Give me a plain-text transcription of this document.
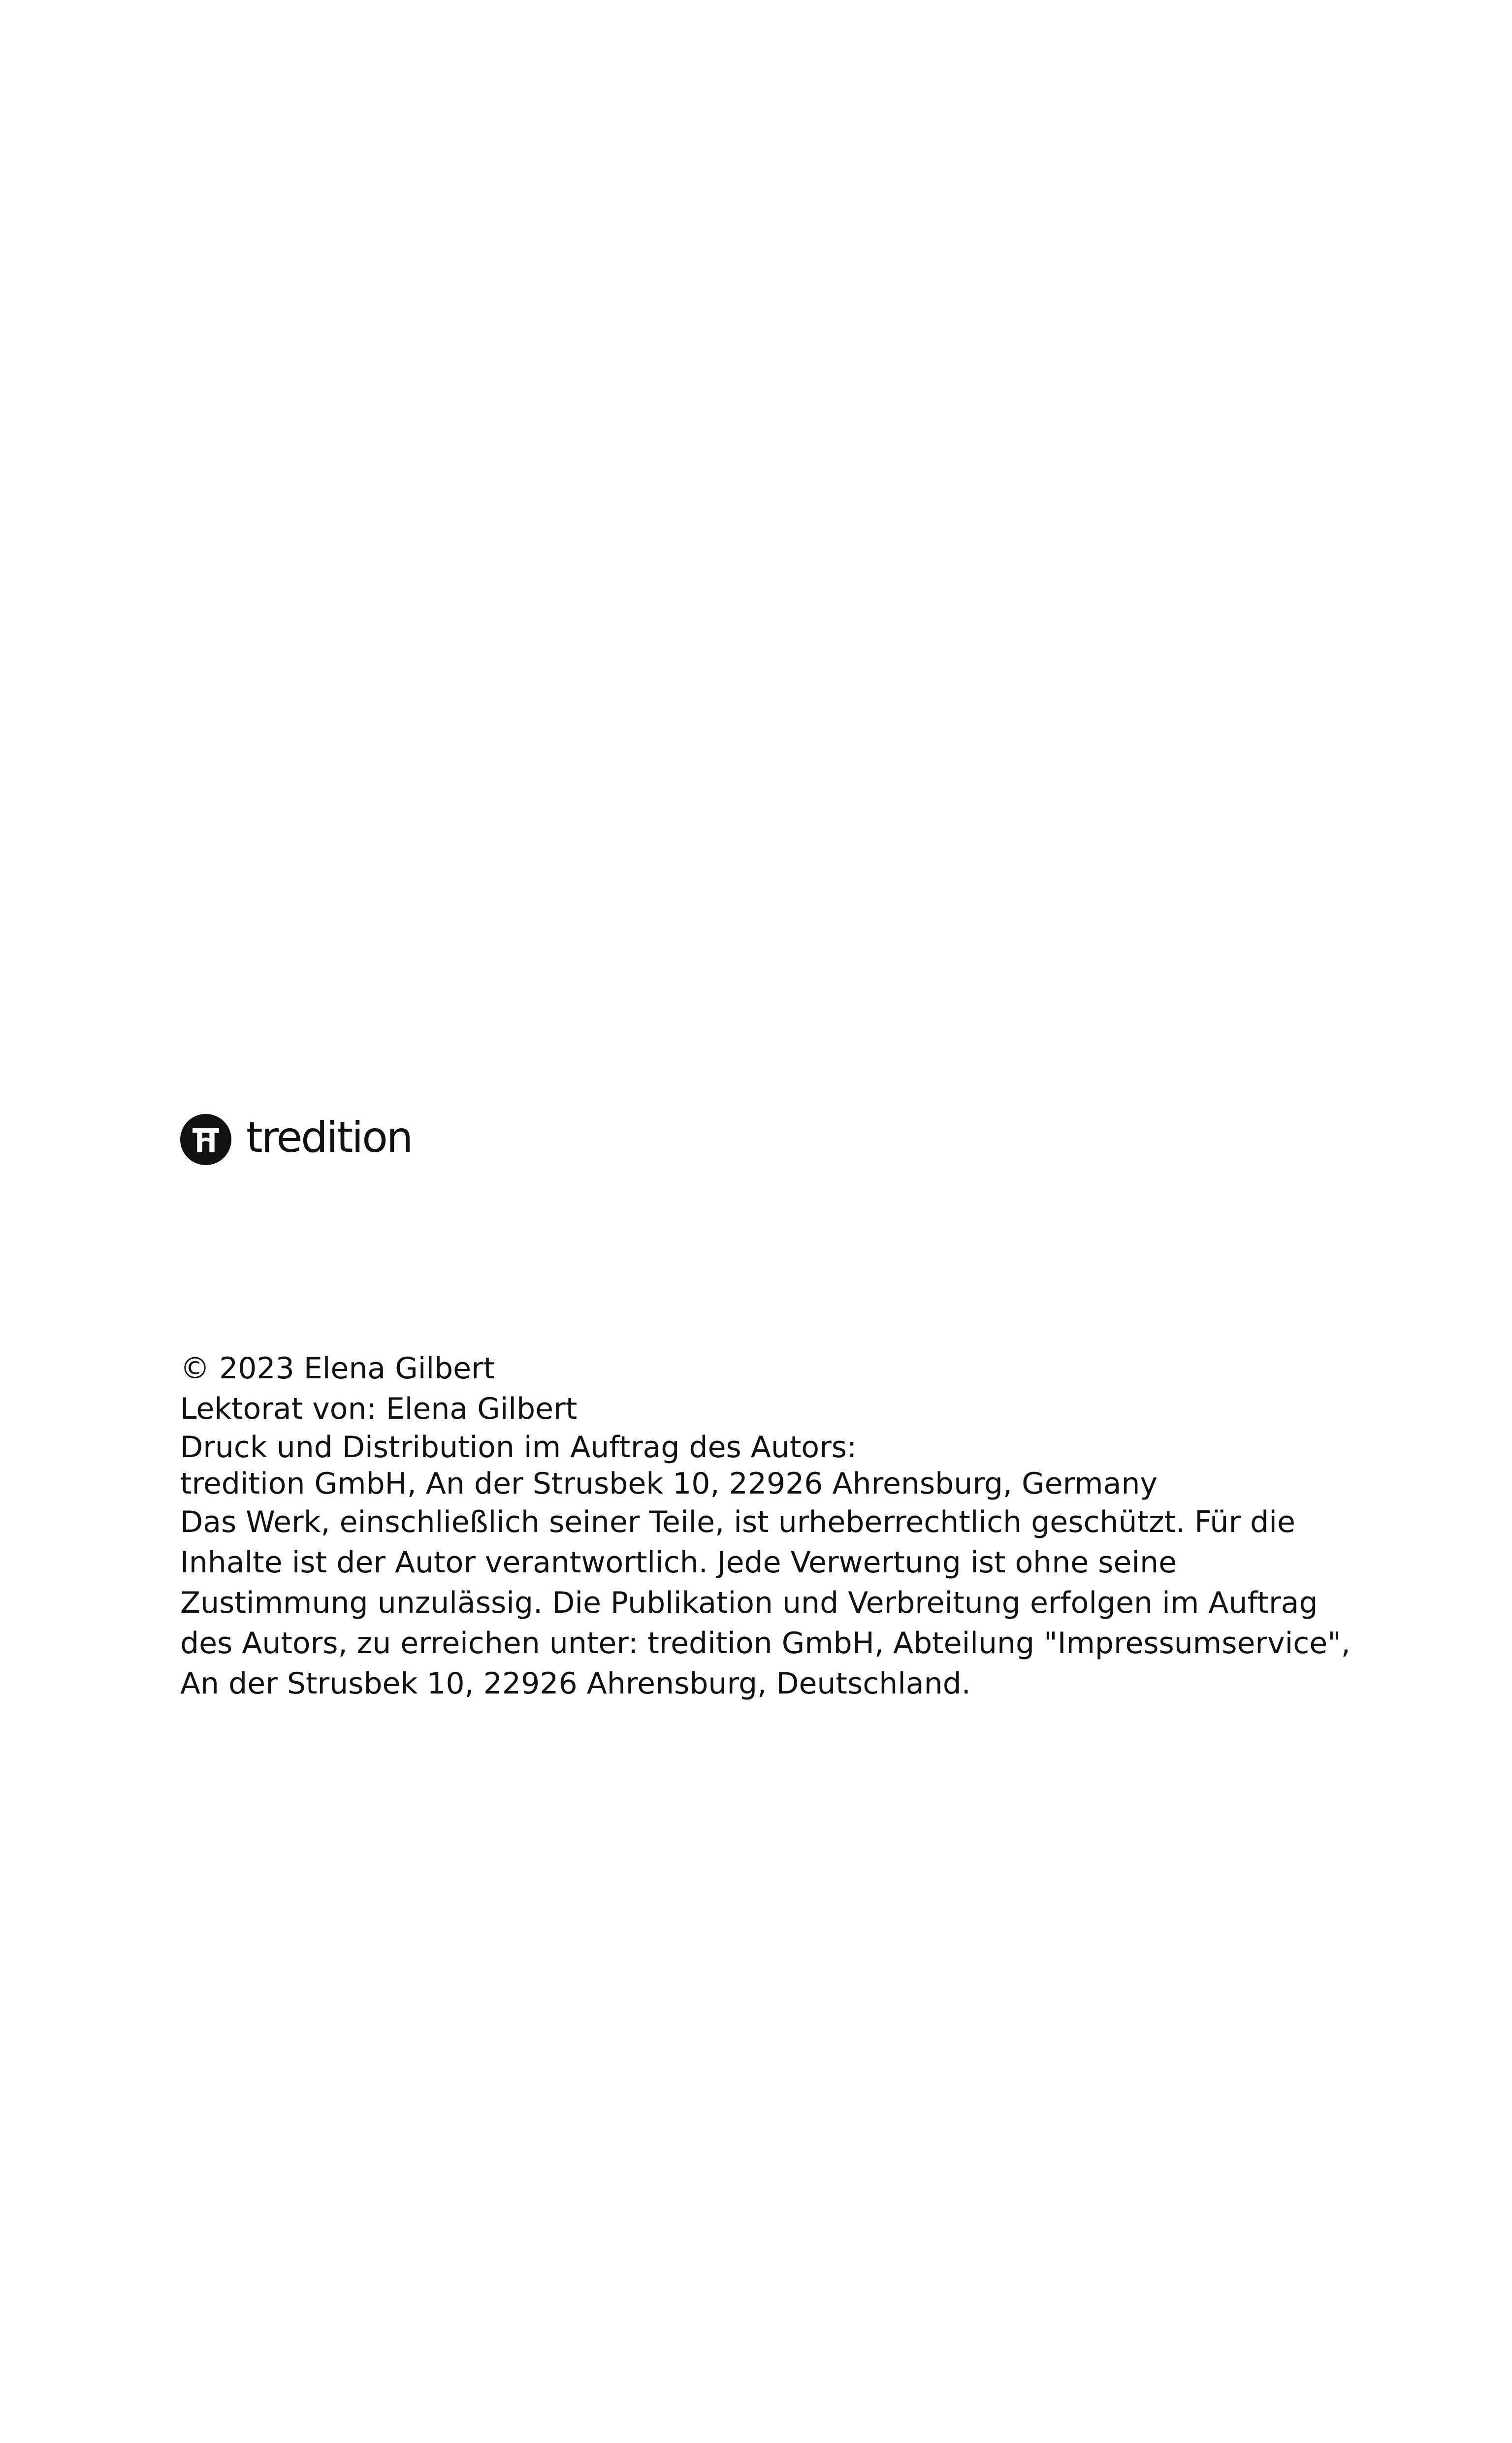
tredition

© 2023 Elena Gilbert

Lektorat von: Elena Gilbert

Druck und Distribution im Auftrag des Autors:
tredition GmbH, An der Strusbek 10, 22926 Ahrensburg, Germany

Das Werk, einschließlich seiner Teile, ist urheberrechtlich geschützt. Für die Inhalte ist der Autor verantwortlich. Jede Verwertung ist ohne seine Zustimmung unzulässig. Die Publikation und Verbreitung erfolgen im Auftrag des Autors, zu erreichen unter: tredition GmbH, Abteilung "Impressumservice", An der Strusbek 10, 22926 Ahrensburg, Deutschland.
